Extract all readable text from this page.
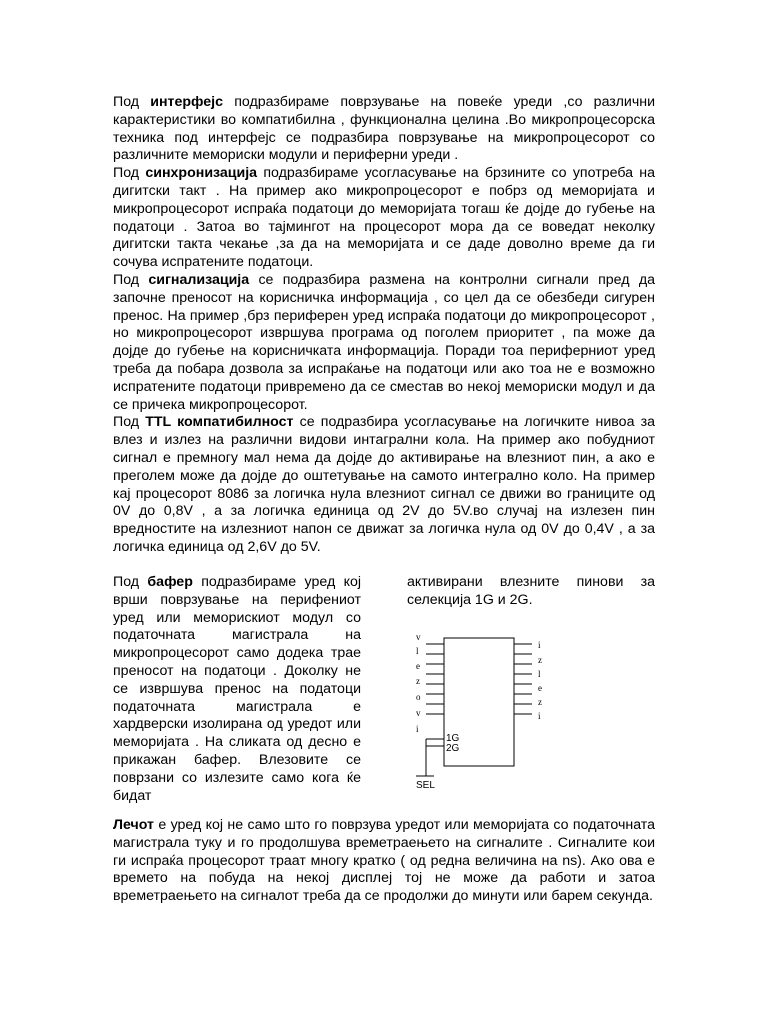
Под интерфејс подразбираме поврзување на повеќе уреди ,со различни карактеристики во компатибилна , функционална целина .Во микропроцесорска техника под интерфејс се подразбира поврзување на микропроцесорот со различните мемориски модули и периферни уреди .

Под синхронизација подразбираме усогласување на брзините со употреба на дигитски такт . На пример ако микропроцесорот е побрз од меморијата и микропроцесорот испраќа податоци до меморијата тогаш ќе дојде до губење на податоци . Затоа во тајмингот на процесорот мора да се воведат неколку дигитски такта чекање ,за да на меморијата и се даде доволно време да ги сочува испратените податоци.

Под сигнализација се подразбира размена на контролни сигнали пред да започне преносот на корисничка информација , со цел да се обезбеди сигурен пренос. На пример ,брз периферен уред испраќа податоци до микропроцесорот , но микропроцесорот извршува програма од поголем приоритет , па може да дојде до губење на корисничката информација. Поради тоа периферниот уред треба да побара дозвола за испраќање на податоци или ако тоа не е возможно испратените податоци привремено да се сместав во некој мемориски модул и да се причека микропроцесорот.

Под TTL компатибилност се подразбира усогласување на логичките нивоа за влез и излез на различни видови интагрални кола. На пример ако побудниот сигнал е премногу мал нема да дојде до активирање на влезниот пин, а ако е преголем може да дојде до оштетување на самото интегрално коло. На пример кај процесорот 8086 за логичка нула влезниот сигнал се движи во границите од 0V до 0,8V , а за логичка единица од 2V до 5V.во случај на излезен пин вредностите на излезниот напон се движат за логичка нула од 0V до 0,4V , а за логичка единица од 2,6V до 5V.

Под бафер подразбираме уред кој врши поврзување на перифениот уред или мемoрискиот модул со податочната магистрала на микропроцесорот само додека трае преносот на податоци . Доколку не се извршува пренос на податоци податочната магистрала е хардверски изолирана од уредот или меморијата . На сликата од десно е прикажан бафер. Влезовите се поврзани со излезите само кога ќе бидат

активирани влезните пинови за селекција 1G и 2G.

v
l
e
z
o
v
i
i
z
l
e
z
i
1G
2G
SEL

Лечот е уред кој не само што го поврзува уредот или меморијата со податочната магистрала туку и го продолшува времетраењето на сигналите . Сигналите кои ги испраќа процесорот траат многу кратко ( од редна величина на ns). Ако ова е времето на побуда на некој дисплеј тој не може да работи и затоа времетраењето на сигналот треба да се продолжи до минути или барем секунда.
